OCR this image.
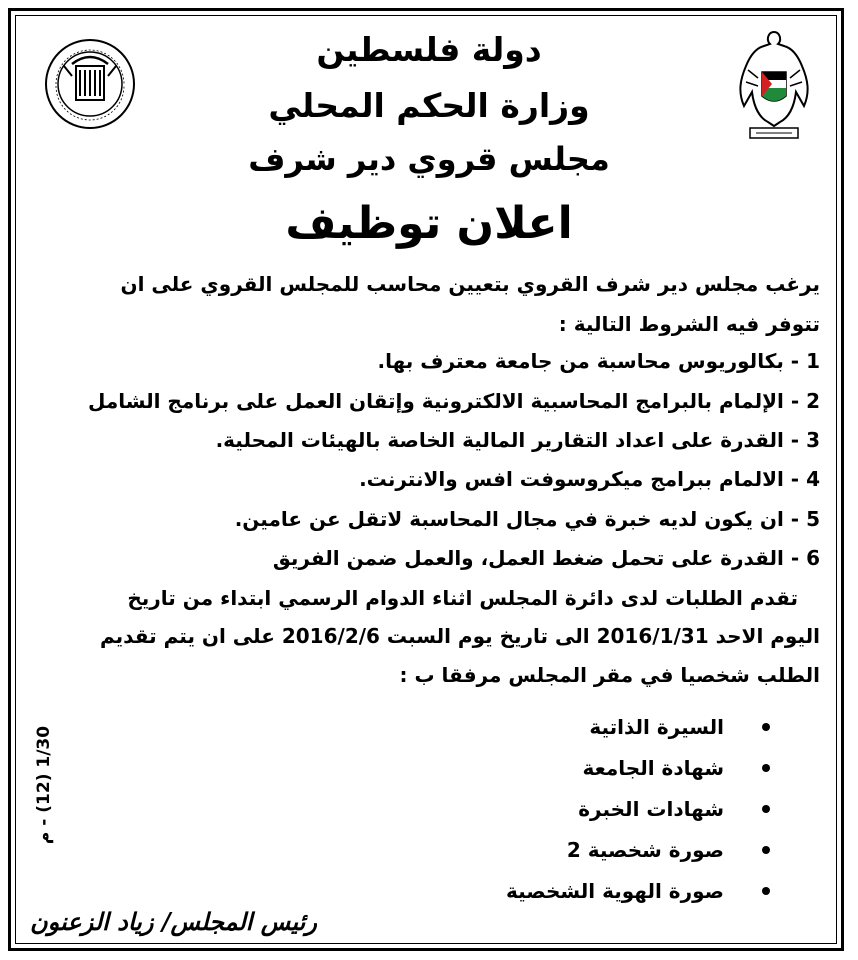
دولة فلسطين
وزارة الحكم المحلي
مجلس قروي دير شرف
اعلان توظيف
يرغب مجلس دير شرف القروي بتعيين محاسب للمجلس القروي على ان
تتوفر فيه الشروط التالية :
1 - بكالوريوس محاسبة من جامعة معترف بها.
2 - الإلمام بالبرامج المحاسبية الالكترونية وإتقان العمل على برنامج الشامل
3 - القدرة على اعداد التقارير المالية الخاصة بالهيئات المحلية.
4 - الالمام ببرامج ميكروسوفت افس والانترنت.
5 - ان يكون لديه خبرة في مجال المحاسبة لاتقل عن عامين.
6 - القدرة على تحمل ضغط العمل، والعمل ضمن الفريق
تقدم الطلبات لدى دائرة المجلس اثناء الدوام الرسمي ابتداء من تاريخ
اليوم الاحد 2016/1/31 الى تاريخ يوم السبت 2016/2/6 على ان يتم تقديم
الطلب شخصيا في مقر المجلس مرفقا ب :
السيرة الذاتية
شهادة الجامعة
شهادات الخبرة
صورة شخصية 2
صورة الهوية الشخصية
1/30 (12) - م
رئيس المجلس/ زياد الزعنون
